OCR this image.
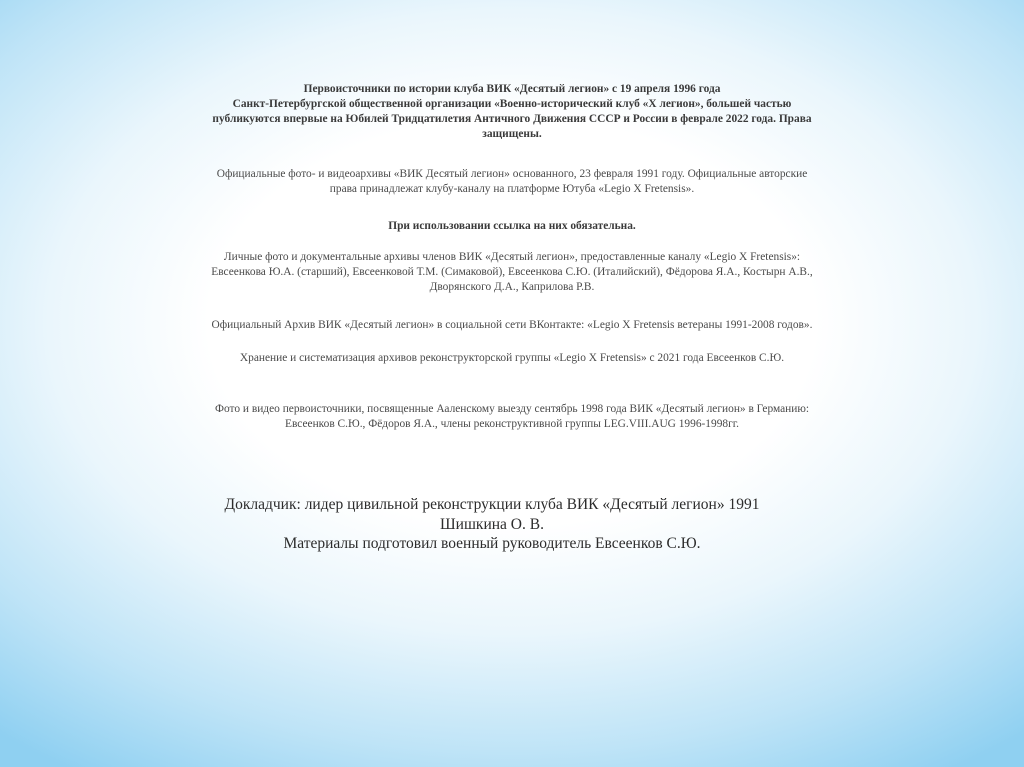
Первоисточники по истории клуба ВИК «Десятый легион» с 19 апреля 1996 года
Санкт-Петербургской общественной организации «Военно-исторический клуб «Х легион», большей частью
публикуются впервые на Юбилей Тридцатилетия Античного Движения СССР и России в феврале 2022 года. Права
защищены.
Официальные фото- и видеоархивы «ВИК Десятый легион» основанного, 23 февраля 1991 году. Официальные авторские
права принадлежат клубу-каналу на платформе Ютуба «Legio X Fretensis».
При использовании ссылка на них обязательна.
Личные фото и документальные архивы членов ВИК «Десятый легион», предоставленные каналу «Legio X Fretensis»:
Евсеенкова Ю.А. (старший), Евсеенковой Т.М. (Симаковой), Евсеенкова С.Ю. (Италийский), Фёдорова Я.А., Костырн А.В.,
Дворянского Д.А., Каприлова Р.В.
Официальный Архив ВИК «Десятый легион» в социальной сети ВКонтакте: «Legio X Fretensis ветераны 1991-2008 годов».
Хранение и систематизация архивов реконструкторской группы «Legio X Fretensis» с 2021 года Евсеенков С.Ю.
Фото и видео первоисточники, посвященные Ааленскому выезду сентябрь 1998 года ВИК «Десятый легион» в Германию:
Евсеенков С.Ю., Фёдоров Я.А., члены реконструктивной группы LEG.VIII.AUG 1996-1998гг.
Докладчик: лидер цивильной реконструкции клуба ВИК «Десятый легион» 1991
Шишкина О. В.
Материалы подготовил военный руководитель Евсеенков С.Ю.
